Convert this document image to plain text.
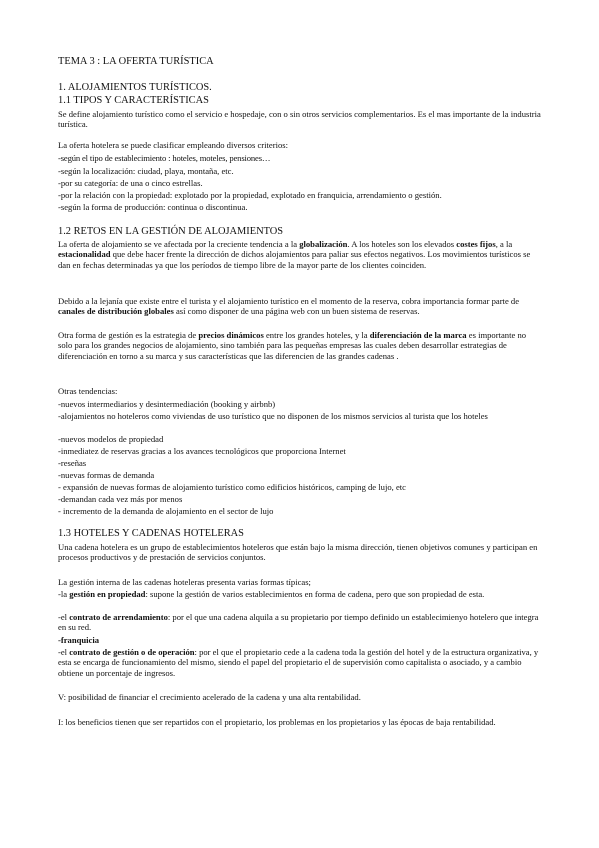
TEMA 3 : LA OFERTA TURÍSTICA
1. ALOJAMIENTOS TURÍSTICOS.
1.1 TIPOS Y CARACTERÍSTICAS

Se define alojamiento turístico como el servicio e hospedaje, con o sin otros servicios complementarios. Es el mas importante de la industria turística.

La oferta hotelera se puede clasificar empleando diversos criterios:

-según el tipo de establecimiento : hoteles, moteles, pensiones…

-según la localización: ciudad, playa, montaña, etc.

-por su categoría: de una o cinco estrellas.

-por la relación con la propiedad: explotado por la propiedad, explotado en franquicia, arrendamiento o gestión.

-según la forma de producción: continua o discontinua.

1.2 RETOS EN LA GESTIÓN DE ALOJAMIENTOS

La oferta de alojamiento se ve afectada por la creciente tendencia a la globalización. A los hoteles son los elevados costes fijos, a la estacionalidad que debe hacer frente la dirección de dichos alojamientos para paliar sus efectos negativos. Los movimientos turísticos se dan en fechas determinadas ya que los períodos de tiempo libre de la mayor parte de los clientes coinciden.

Debido a la lejanía que existe entre el turista y el alojamiento turístico en el momento de la reserva, cobra importancia formar parte de canales de distribución globales así como disponer de una página web con un buen sistema de reservas.

Otra forma de gestión es la estrategia de precios dinámicos entre los grandes hoteles, y la diferenciación de la marca es importante no solo para los grandes negocios de alojamiento, sino también para las pequeñas empresas las cuales deben desarrollar estrategias de diferenciación en torno a su marca y sus características que las diferencien de las grandes cadenas .

Otras tendencias:

-nuevos intermediarios y desintermediación (booking y airbnb)

-alojamientos no hoteleros como viviendas de uso turístico que no disponen de los mismos servicios al turista que los hoteles

-nuevos modelos de propiedad

-inmediatez de reservas gracias a los avances tecnológicos que proporciona Internet

-reseñas

-nuevas formas de demanda

- expansión de nuevas formas de alojamiento turístico como edificios históricos, camping de lujo, etc

-demandan cada vez más por menos

- incremento de la demanda de alojamiento en el sector de lujo

1.3 HOTELES Y CADENAS HOTELERAS

Una cadena hotelera es un grupo de establecimientos hoteleros que están bajo la misma dirección, tienen objetivos comunes y participan en procesos productivos y de prestación de servicios conjuntos.

La gestión interna de las cadenas hoteleras presenta varias formas típicas;

-la gestión en propiedad: supone la gestión de varios establecimientos en forma de cadena, pero que son propiedad de esta.

-el contrato de arrendamiento: por el que una cadena alquila a su propietario por tiempo definido un establecimienyo hotelero que integra en su red.

-franquicia

-el contrato de gestión o de operación: por el que el propietario cede a la cadena toda la gestión del hotel y de la estructura organizativa, y esta se encarga de funcionamiento del mismo, siendo el papel del propietario el de supervisión como capitalista o asociado, y a cambio obtiene un porcentaje de ingresos.

V: posibilidad de financiar el crecimiento acelerado de la cadena y una alta rentabilidad.

I: los beneficios tienen que ser repartidos con el propietario, los problemas en los propietarios y las épocas de baja rentabilidad.
